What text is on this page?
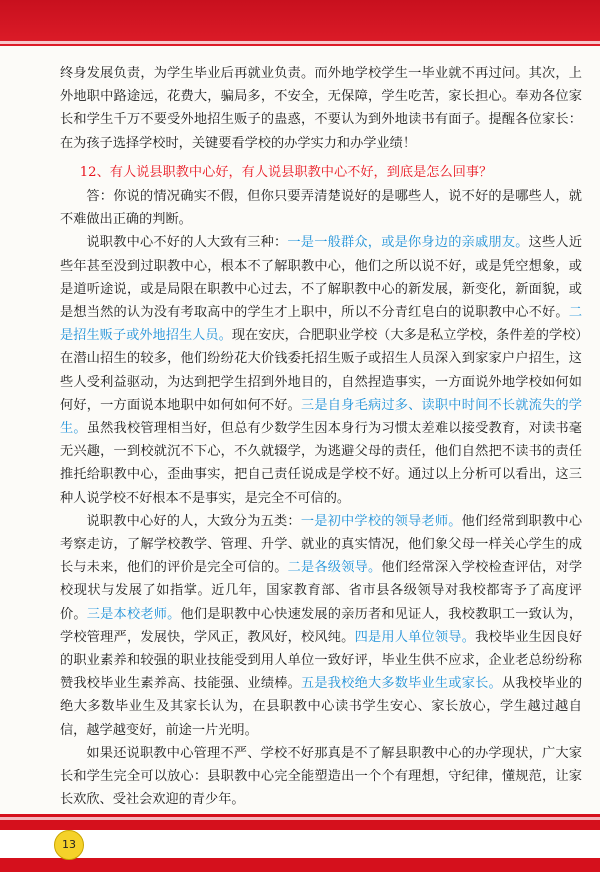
终身发展负责，为学生毕业后再就业负责。而外地学校学生一毕业就不再过问。其次，上外地职中路途远，花费大，骗局多，不安全，无保障，学生吃苦，家长担心。奉劝各位家长和学生千万不要受外地招生贩子的蛊惑，不要认为到外地读书有面子。提醒各位家长：在为孩子选择学校时，关键要看学校的办学实力和办学业绩！

12、有人说县职教中心好，有人说县职教中心不好，到底是怎么回事？

答：你说的情况确实不假，但你只要弄清楚说好的是哪些人，说不好的是哪些人，就不难做出正确的判断。

说职教中心不好的人大致有三种：一是一般群众，或是你身边的亲戚朋友。这些人近些年甚至没到过职教中心，根本不了解职教中心，他们之所以说不好，或是凭空想象，或是道听途说，或是局限在职教中心过去，不了解职教中心的新发展，新变化，新面貌，或是想当然的认为没有考取高中的学生才上职中，所以不分青红皂白的说职教中心不好。二是招生贩子或外地招生人员。现在安庆，合肥职业学校（大多是私立学校，条件差的学校）在潜山招生的较多，他们纷纷花大价钱委托招生贩子或招生人员深入到家家户户招生，这些人受利益驱动，为达到把学生招到外地目的，自然捏造事实，一方面说外地学校如何如何好，一方面说本地职中如何如何不好。三是自身毛病过多、读职中时间不长就流失的学生。虽然我校管理相当好，但总有少数学生因本身行为习惯太差难以接受教育，对读书毫无兴趣，一到校就沉不下心，不久就辍学，为逃避父母的责任，他们自然把不读书的责任推托给职教中心，歪曲事实，把自己责任说成是学校不好。通过以上分析可以看出，这三种人说学校不好根本不是事实，是完全不可信的。

说职教中心好的人，大致分为五类：一是初中学校的领导老师。他们经常到职教中心考察走访，了解学校教学、管理、升学、就业的真实情况，他们象父母一样关心学生的成长与未来，他们的评价是完全可信的。二是各级领导。他们经常深入学校检查评估，对学校现状与发展了如指掌。近几年，国家教育部、省市县各级领导对我校都寄予了高度评价。三是本校老师。他们是职教中心快速发展的亲历者和见证人，我校教职工一致认为，学校管理严，发展快，学风正，教风好，校风纯。四是用人单位领导。我校毕业生因良好的职业素养和较强的职业技能受到用人单位一致好评，毕业生供不应求，企业老总纷纷称赞我校毕业生素养高、技能强、业绩棒。五是我校绝大多数毕业生或家长。从我校毕业的绝大多数毕业生及其家长认为，在县职教中心读书学生安心、家长放心，学生越过越自信，越学越变好，前途一片光明。

如果还说职教中心管理不严、学校不好那真是不了解县职教中心的办学现状，广大家长和学生完全可以放心：县职教中心完全能塑造出一个个有理想，守纪律，懂规范，让家长欢欣、受社会欢迎的青少年。

13
